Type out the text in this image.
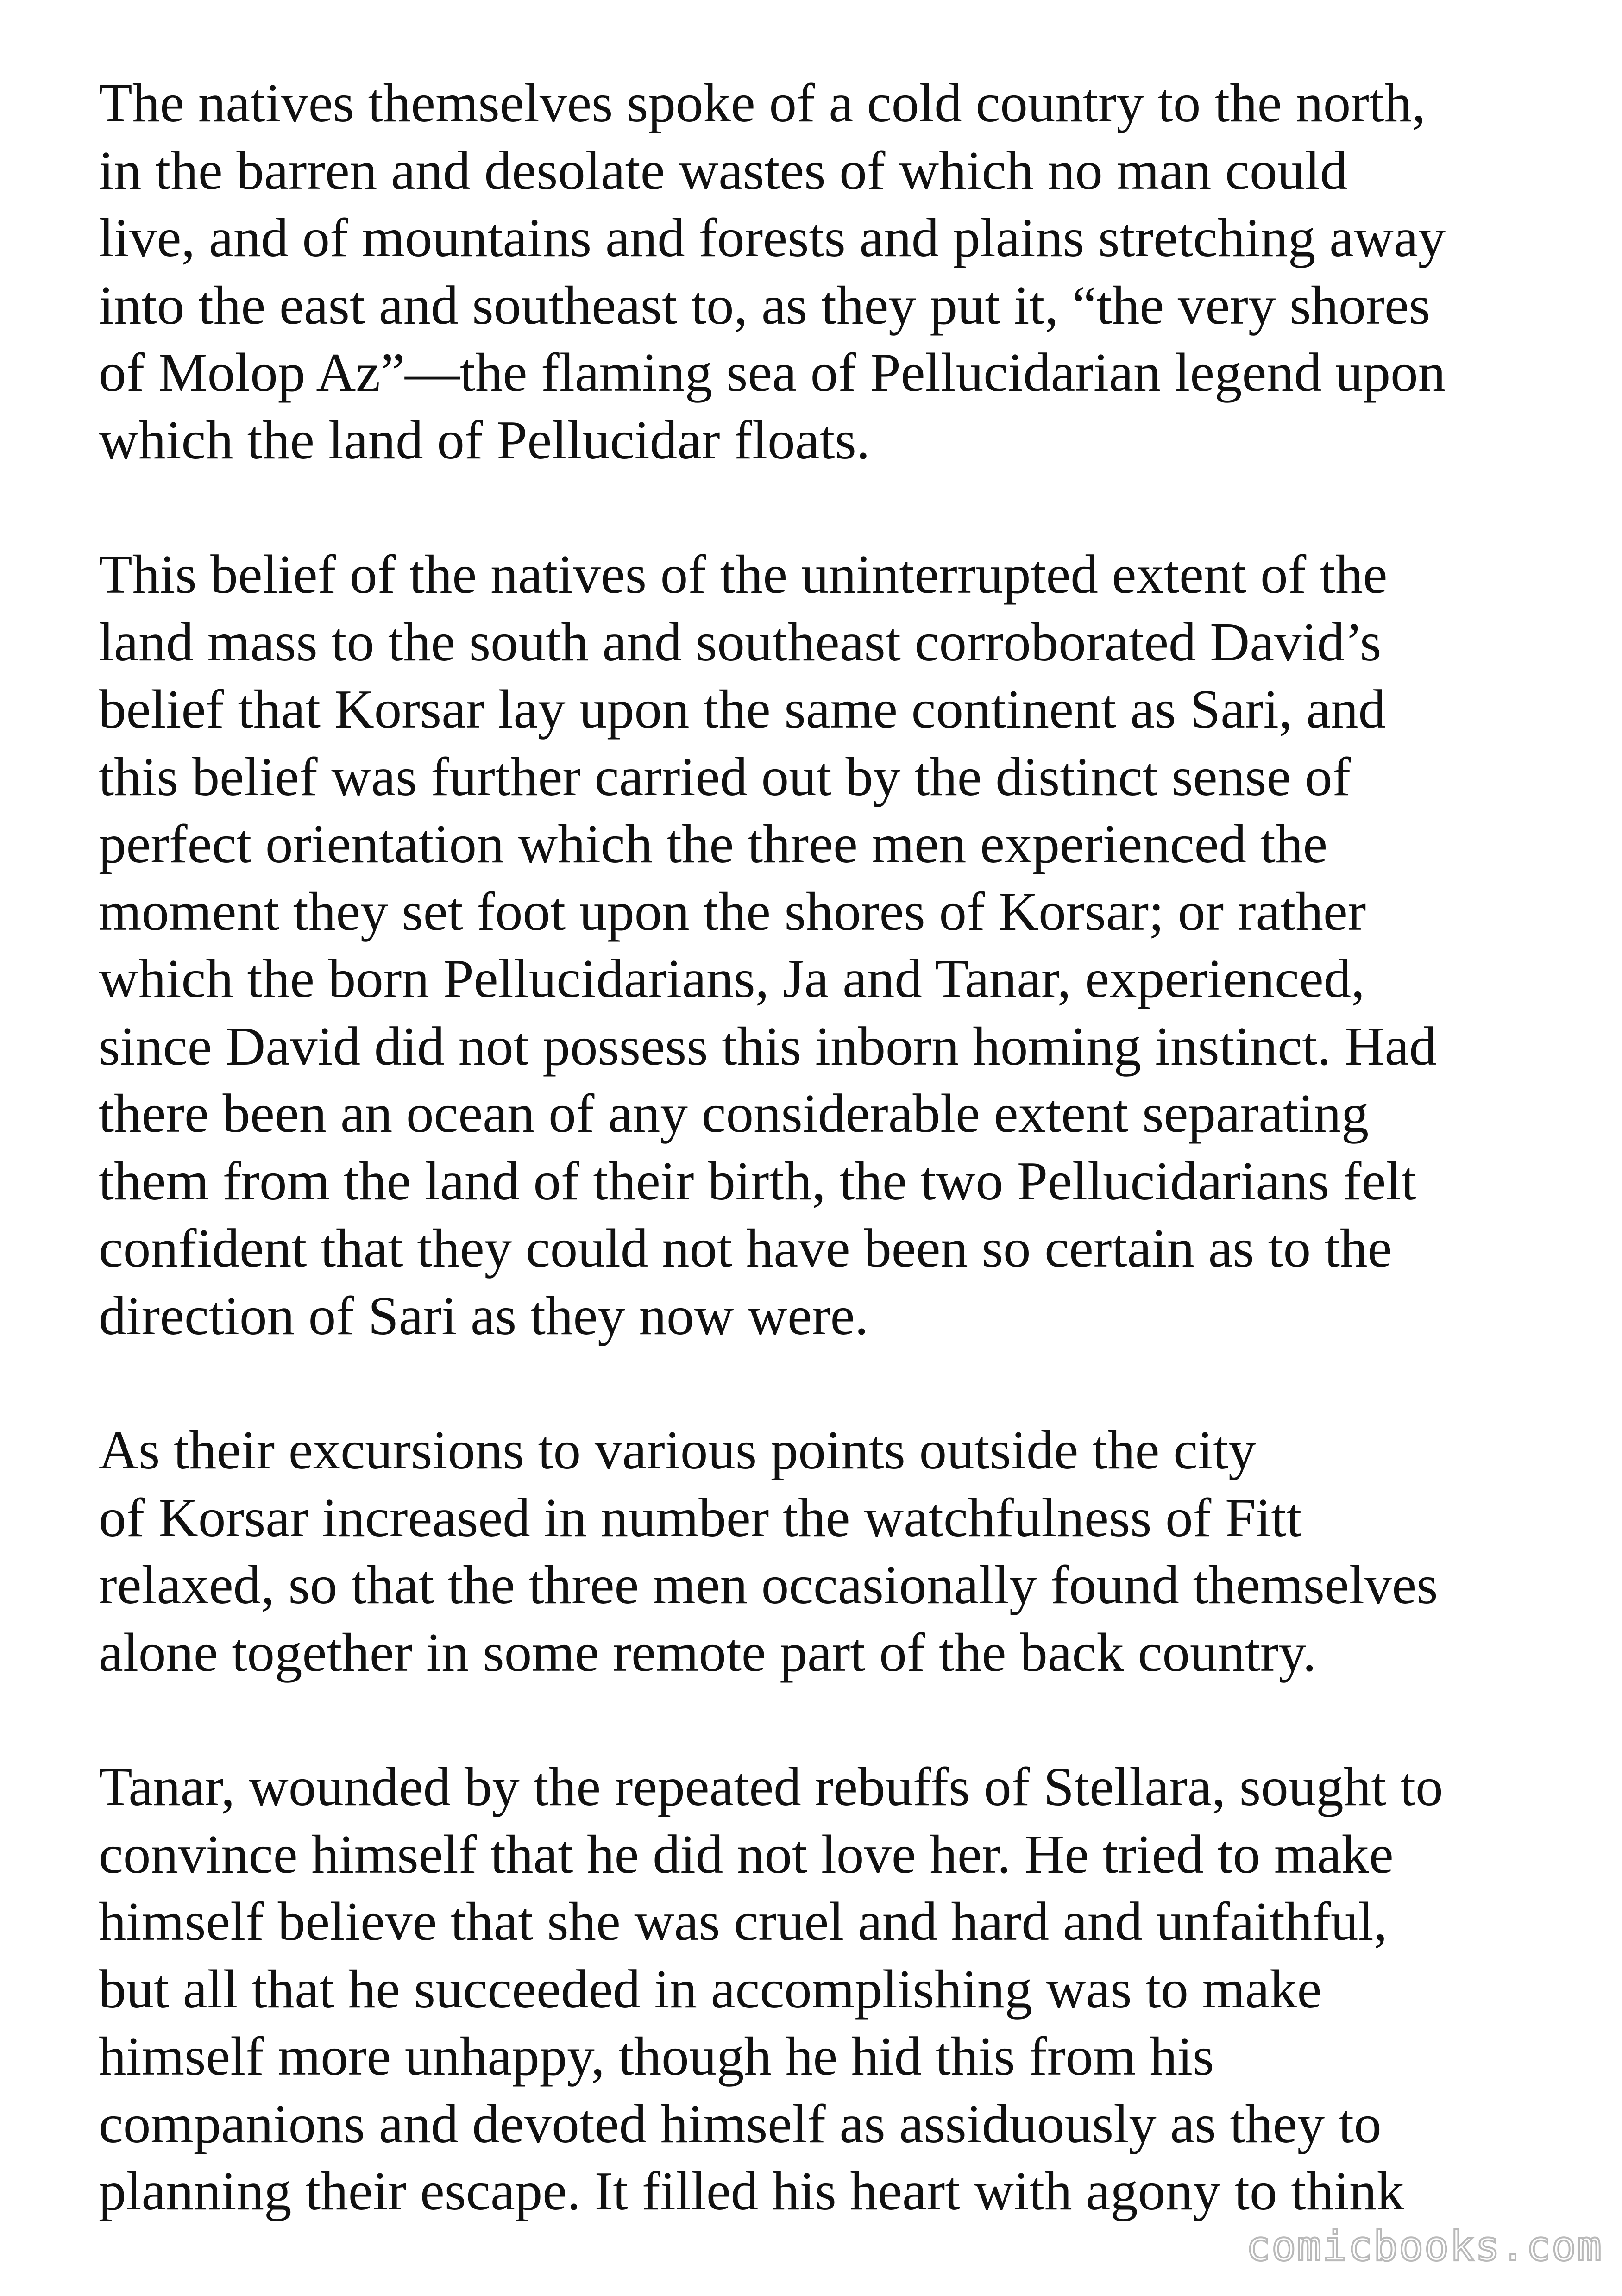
The natives themselves spoke of a cold country to the north,
in the barren and desolate wastes of which no man could
live, and of mountains and forests and plains stretching away
into the east and southeast to, as they put it, “the very shores
of Molop Az”—the flaming sea of Pellucidarian legend upon
which the land of Pellucidar floats.

This belief of the natives of the uninterrupted extent of the
land mass to the south and southeast corroborated David’s
belief that Korsar lay upon the same continent as Sari, and
this belief was further carried out by the distinct sense of
perfect orientation which the three men experienced the
moment they set foot upon the shores of Korsar; or rather
which the born Pellucidarians, Ja and Tanar, experienced,
since David did not possess this inborn homing instinct. Had
there been an ocean of any considerable extent separating
them from the land of their birth, the two Pellucidarians felt
confident that they could not have been so certain as to the
direction of Sari as they now were.

As their excursions to various points outside the city
of Korsar increased in number the watchfulness of Fitt
relaxed, so that the three men occasionally found themselves
alone together in some remote part of the back country.

Tanar, wounded by the repeated rebuffs of Stellara, sought to
convince himself that he did not love her. He tried to make
himself believe that she was cruel and hard and unfaithful,
but all that he succeeded in accomplishing was to make
himself more unhappy, though he hid this from his
companions and devoted himself as assiduously as they to
planning their escape. It filled his heart with agony to think

comicbooks.com
